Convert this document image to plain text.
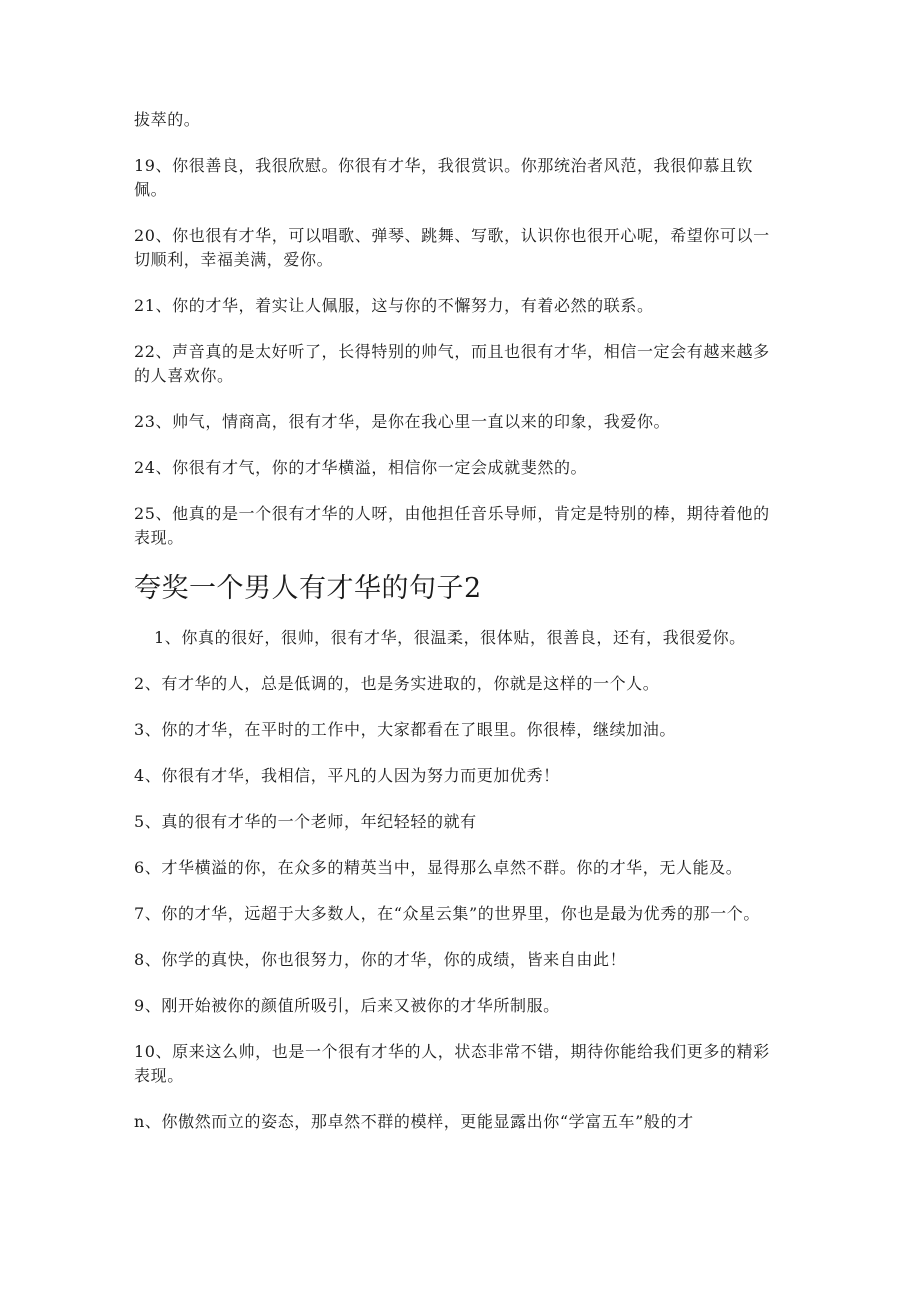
拔萃的。

19、你很善良，我很欣慰。你很有才华，我很赏识。你那统治者风范，我很仰慕且钦佩。

20、你也很有才华，可以唱歌、弹琴、跳舞、写歌，认识你也很开心呢，希望你可以一切顺利，幸福美满，爱你。

21、你的才华，着实让人佩服，这与你的不懈努力，有着必然的联系。

22、声音真的是太好听了，长得特别的帅气，而且也很有才华，相信一定会有越来越多的人喜欢你。

23、帅气，情商高，很有才华，是你在我心里一直以来的印象，我爱你。

24、你很有才气，你的才华横溢，相信你一定会成就斐然的。

25、他真的是一个很有才华的人呀，由他担任音乐导师，肯定是特别的棒，期待着他的表现。

夸奖一个男人有才华的句子2

1、你真的很好，很帅，很有才华，很温柔，很体贴，很善良，还有，我很爱你。

2、有才华的人，总是低调的，也是务实进取的，你就是这样的一个人。

3、你的才华，在平时的工作中，大家都看在了眼里。你很棒，继续加油。

4、你很有才华，我相信，平凡的人因为努力而更加优秀！

5、真的很有才华的一个老师，年纪轻轻的就有

6、才华横溢的你，在众多的精英当中，显得那么卓然不群。你的才华，无人能及。

7、你的才华，远超于大多数人，在“众星云集”的世界里，你也是最为优秀的那一个。

8、你学的真快，你也很努力，你的才华，你的成绩，皆来自由此！

9、刚开始被你的颜值所吸引，后来又被你的才华所制服。

10、原来这么帅，也是一个很有才华的人，状态非常不错，期待你能给我们更多的精彩表现。

n、你傲然而立的姿态，那卓然不群的模样，更能显露出你“学富五车”般的才
